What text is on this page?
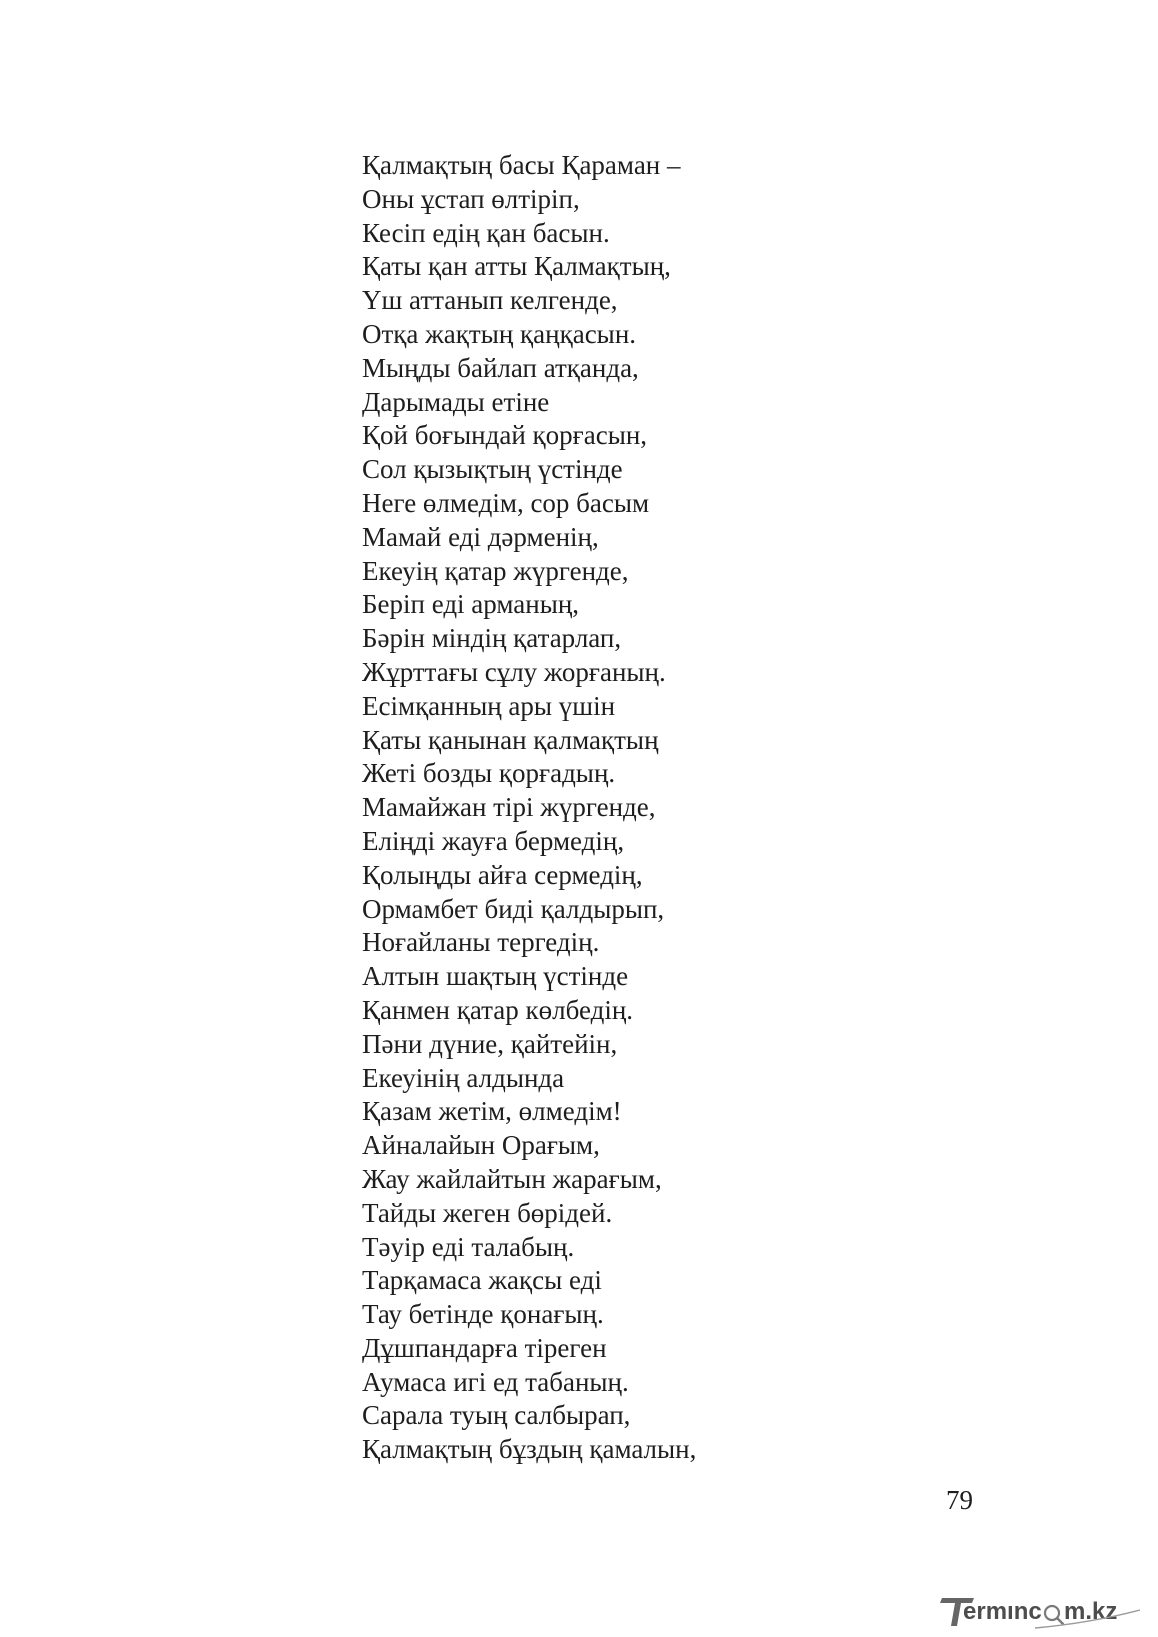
Қалмақтың басы Қараман –
Оны ұстап өлтіріп,
Кесіп едің қан басын.
Қаты қан атты Қалмақтың,
Үш аттанып келгенде,
Отқа жақтың қаңқасын.
Мыңды байлап атқанда,
Дарымады етіне
Қой боғындай қорғасын,
Сол қызықтың үстінде
Неге өлмедім, сор басым
Мамай еді дәрменің,
Екеуің қатар жүргенде,
Беріп еді арманың,
Бәрін міндің қатарлап,
Жұрттағы сұлу жорғаның.
Есімқанның ары үшін
Қаты қанынан қалмақтың
Жеті бозды қорғадың.
Мамайжан тірі жүргенде,
Еліңді жауға бермедің,
Қолыңды айға сермедің,
Ормамбет биді қалдырып,
Ноғайланы тергедің.
Алтын шақтың үстінде
Қанмен қатар көлбедің.
Пәни дүние, қайтейін,
Екеуінің алдында
Қазам жетім, өлмедім!
Айналайын Орағым,
Жау жайлайтын жарағым,
Тайды жеген бөрідей.
Тәуір еді талабың.
Тарқамаса жақсы еді
Тау бетінде қонағың.
Дұшпандарға тіреген
Аумаса игі ед табаның.
Сарала туың салбырап,
Қалмақтың бұздың қамалын,
79
ermınc m.kz
